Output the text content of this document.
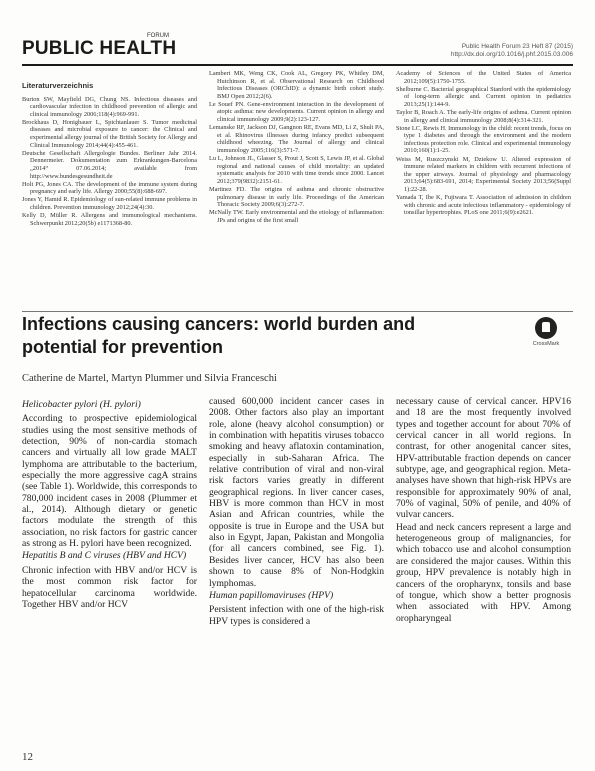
PUBLIC HEALTH
FORUM
Public Health Forum 23 Heft 87 (2015) http://dx.doi.org/10.1016/j.phf.2015.03.006

Literaturverzeichnis

Burton SW, Mayfield DG, Chung NS. Infectious diseases and cardiovascular infection in childhood prevention of allergic and clinical immunology 2006;118(4):969-991.

Brockhaus D, Honigbauer L, Spichtanlauer S. Tumor medicinal diseases and microbial exposure to cancer: the Clinical and experimental allergy journal of the British Society for Allergy and Clinical Immunology 2014;44(4):455-461.

Deutsche Gesellschaft Allergologie Bundes. Berliner Jahr 2014. Dennermeier. Dokumentation zum Erkrankungen-Barcelona „2014“ 07.06.2014; available from http://www.bundesgesundheit.de

Holt PG, Jones CA. The development of the immune system during pregnancy and early life. Allergy 2000;55(8):688-697.

Jones Y, Hamid R. Epidemiology of sun-related immune problems in children. Prevention immunology 2012;24(4):30.

Kelly D, Müller R. Allergens and immunological mechanisms. Schwerpunkt 2012;20(5b) e1171368-80.

Lambert MK, Weng CK, Cook AL, Gregory PK, Whitley DM, Hutchinson R, et al. Observational Research on Childhood Infectious Diseases (ORChID): a dynamic birth cohort study. BMJ Open 2012;2(6).

Le Souef PN. Gene-environment interaction in the development of atopic asthma: new developments. Current opinion in allergy and clinical immunology 2009;9(2):123-127.

Lemanske RF, Jackson DJ, Gangnon RE, Evans MD, Li Z, Shult PA, et al. Rhinovirus illnesses during infancy predict subsequent childhood wheezing. The Journal of allergy and clinical immunology 2005;116(3):571-7.

Lu L, Johnson JL, Glasser S, Prout J, Scott S, Lewis JP, et al. Global regional and national causes of child mortality: an updated systematic analysis for 2010 with time trends since 2000. Lancet 2012;379(9832):2151-61.

Martinez FD. The origins of asthma and chronic obstructive pulmonary disease in early life. Proceedings of the American Thoracic Society 2009;6(3):272-7.

McNally TW. Early environmental and the etiology of inflammation: JPs and origins of the first small

Academy of Sciences of the United States of America 2012;109(5):1750-1755.

Shelburne C. Bacterial geographical Stanford with the epidemiology of long-term allergic and. Current opinion in pediatrics 2013;25(1):144-9.

Taylor B, Roach A. The early-life origins of asthma. Current opinion in allergy and clinical immunology 2008;8(4):314-321.

Stone LC, Rewis H. Immunology in the child: recent trends, focus on type 1 diabetes and through the environment and the modern infectious protection role. Clinical and experimental immunology 2010;160(1):1-25.

Weiss M, Ruszczynski M, Dziekow U. Altered expression of immune related markers in children with recurrent infections of the upper airways. Journal of physiology and pharmacology 2013;64(5):683-691, 2014; Experimental Society 2013;56(Suppl 1):22-28.

Yamada T, Ibe K, Fujiwara T. Association of admission in children with chronic and acute infectious inflammatory - epidemiology of tonsillar hypertrophies. PLoS one 2011;6(9):e2621.

Infections causing cancers: world burden and potential for prevention	CrossMark
Catherine de Martel, Martyn Plummer und Silvia Franceschi

Helicobacter pylori (H. pylori)

According to prospective epidemiological studies using the most sensitive methods of detection, 90% of non-cardia stomach cancers and virtually all low grade MALT lymphoma are attributable to the bacterium, especially the more aggressive cagA strains (see Table 1). Worldwide, this corresponds to 780,000 incident cases in 2008 (Plummer et al., 2014). Although dietary or genetic factors modulate the strength of this association, no risk factors for gastric cancer as strong as H. pylori have been recognized.

Hepatitis B and C viruses (HBV and HCV)

Chronic infection with HBV and/or HCV is the most common risk factor for hepatocellular carcinoma worldwide. Together HBV and/or HCV

caused 600,000 incident cancer cases in 2008. Other factors also play an important role, alone (heavy alcohol consumption) or in combination with hepatitis viruses tobacco smoking and heavy aflatoxin contamination, especially in sub-Saharan Africa. The relative contribution of viral and non-viral risk factors varies greatly in different geographical regions. In liver cancer cases, HBV is more common than HCV in most Asian and African countries, while the opposite is true in Europe and the USA but also in Egypt, Japan, Pakistan and Mongolia (for all cancers combined, see Fig. 1). Besides liver cancer, HCV has also been shown to cause 8% of Non-Hodgkin lymphomas.

Human papillomaviruses (HPV)

Persistent infection with one of the high-risk HPV types is considered a

necessary cause of cervical cancer. HPV16 and 18 are the most frequently involved types and together account for about 70% of cervical cancer in all world regions. In contrast, for other anogenital cancer sites, HPV-attributable fraction depends on cancer subtype, age, and geographical region. Meta-analyses have shown that high-risk HPVs are responsible for approximately 90% of anal, 70% of vaginal, 50% of penile, and 40% of vulvar cancers.

Head and neck cancers represent a large and heterogeneous group of malignancies, for which tobacco use and alcohol consumption are considered the major causes. Within this group, HPV prevalence is notably high in cancers of the oropharynx, tonsils and base of tongue, which show a better prognosis when associated with HPV. Among oropharyngeal

12
